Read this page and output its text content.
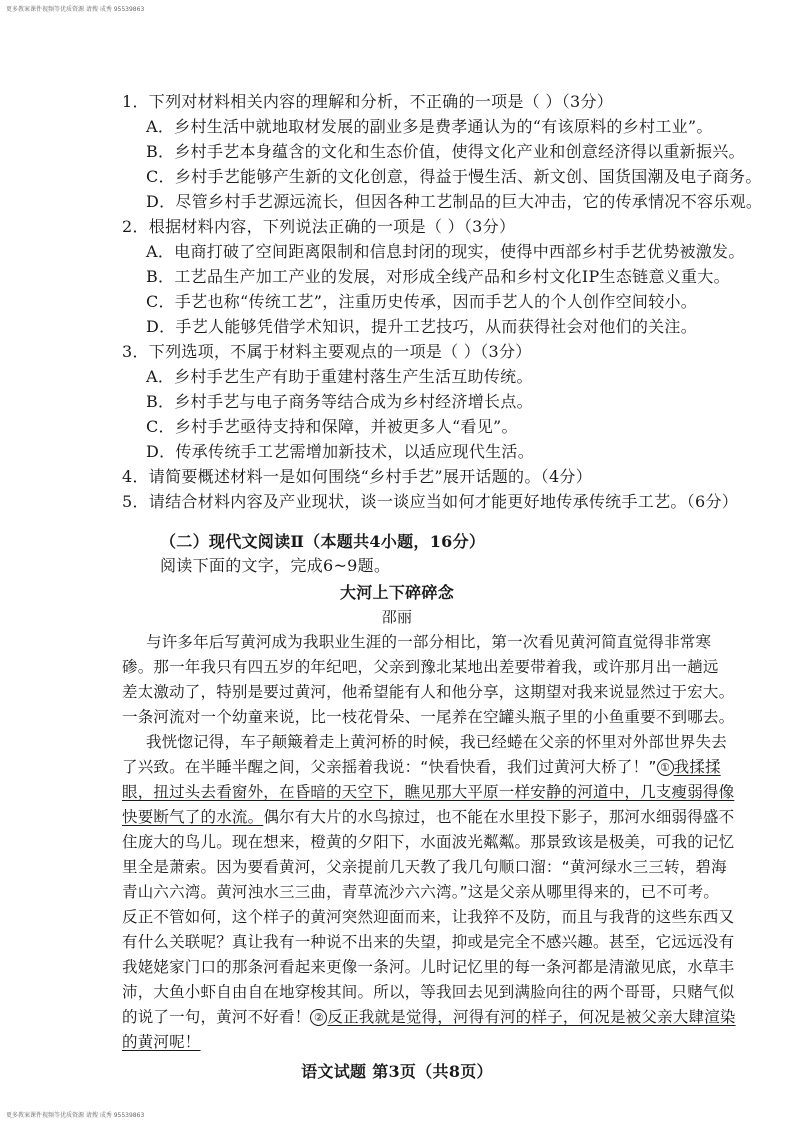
更多教案课件视频等优质资源 请搜 成秀 95539863
1．下列对材料相关内容的理解和分析，不正确的一项是（ ）（3分）
A．乡村生活中就地取材发展的副业多是费孝通认为的“有该原料的乡村工业”。
B．乡村手艺本身蕴含的文化和生态价值，使得文化产业和创意经济得以重新振兴。
C．乡村手艺能够产生新的文化创意，得益于慢生活、新文创、国货国潮及电子商务。
D．尽管乡村手艺源远流长，但因各种工艺制品的巨大冲击，它的传承情况不容乐观。
2．根据材料内容，下列说法正确的一项是（ ）（3分）
A．电商打破了空间距离限制和信息封闭的现实，使得中西部乡村手艺优势被激发。
B．工艺品生产加工产业的发展，对形成全线产品和乡村文化IP生态链意义重大。
C．手艺也称“传统工艺”，注重历史传承，因而手艺人的个人创作空间较小。
D．手艺人能够凭借学术知识，提升工艺技巧，从而获得社会对他们的关注。
3．下列选项，不属于材料主要观点的一项是（ ）（3分）
A．乡村手艺生产有助于重建村落生产生活互助传统。
B．乡村手艺与电子商务等结合成为乡村经济增长点。
C．乡村手艺亟待支持和保障，并被更多人“看见”。
D．传承传统手工艺需增加新技术，以适应现代生活。
4．请简要概述材料一是如何围绕“乡村手艺”展开话题的。（4分）
5．请结合材料内容及产业现状，谈一谈应当如何才能更好地传承传统手工艺。（6分）
（二）现代文阅读Ⅱ（本题共4小题，16分）
阅读下面的文字，完成6~9题。
大河上下碎碎念
邵丽
与许多年后写黄河成为我职业生涯的一部分相比，第一次看见黄河简直觉得非常寒
碜。那一年我只有四五岁的年纪吧，父亲到豫北某地出差要带着我，或许那月出一趟远
差太激动了，特别是要过黄河，他希望能有人和他分享，这期望对我来说显然过于宏大。
一条河流对一个幼童来说，比一枝花骨朵、一尾养在空罐头瓶子里的小鱼重要不到哪去。
我恍惚记得，车子颠簸着走上黄河桥的时候，我已经蜷在父亲的怀里对外部世界失去
了兴致。在半睡半醒之间，父亲摇着我说：“快看快看，我们过黄河大桥了！” ① 我揉揉
眼，扭过头去看窗外，在昏暗的天空下，瞧见那大平原一样安静的河道中，几支瘦弱得像
快要断气了的水流。偶尔有大片的水鸟掠过，也不能在水里投下影子，那河水细弱得盛不
住庞大的鸟儿。现在想来，橙黄的夕阳下，水面波光粼粼。那景致该是极美，可我的记忆
里全是萧索。因为要看黄河，父亲提前几天教了我几句顺口溜：“黄河绿水三三转，碧海
青山六六湾。黄河浊水三三曲，青草流沙六六湾。”这是父亲从哪里得来的，已不可考。
反正不管如何，这个样子的黄河突然迎面而来，让我猝不及防，而且与我背的这些东西又
有什么关联呢？真让我有一种说不出来的失望，抑或是完全不感兴趣。甚至，它远远没有
我姥姥家门口的那条河看起来更像一条河。儿时记忆里的每一条河都是清澈见底，水草丰
沛，大鱼小虾自由自在地穿梭其间。所以，等我回去见到满脸向往的两个哥哥，只赌气似
的说了一句，黄河不好看！ ② 反正我就是觉得，河得有河的样子，何况是被父亲大肆渲染
的黄河呢！
语文试题 第3页（共8页）
更多教案课件视频等优质资源 请搜 成秀 95539863
